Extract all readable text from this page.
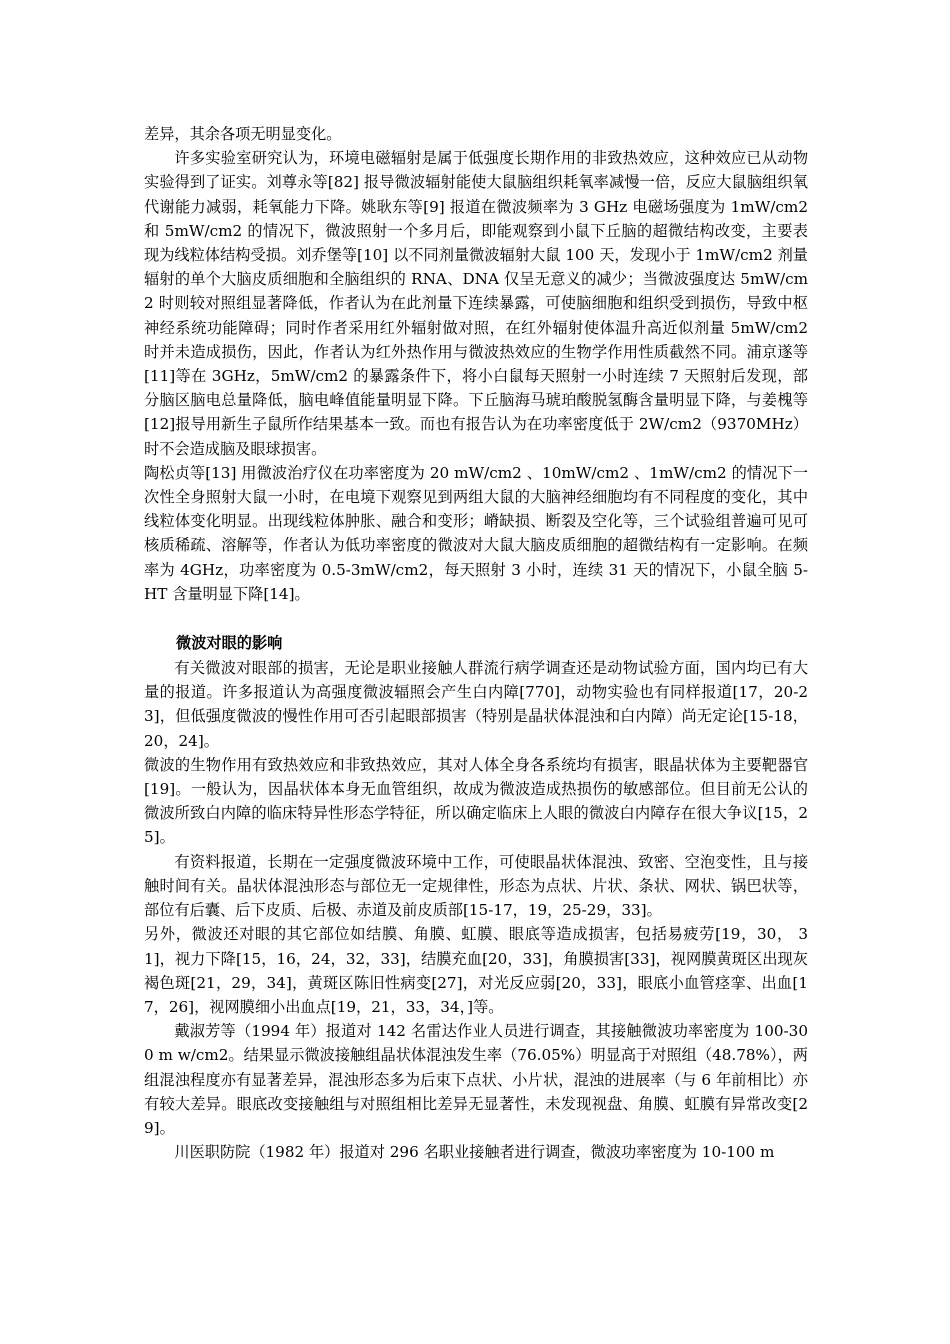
差异，其余各项无明显变化。

许多实验室研究认为，环境电磁辐射是属于低强度长期作用的非致热效应，这种效应已从动物实验得到了证实。刘尊永等[82] 报导微波辐射能使大鼠脑组织耗氧率减慢一倍，反应大鼠脑组织氧代谢能力减弱，耗氧能力下降。姚耿东等[9] 报道在微波频率为 3 GHz 电磁场强度为 1mW/cm2 和 5mW/cm2 的情况下，微波照射一个多月后，即能观察到小鼠下丘脑的超微结构改变，主要表现为线粒体结构受损。刘乔堡等[10] 以不同剂量微波辐射大鼠 100 天，发现小于 1mW/cm2 剂量辐射的单个大脑皮质细胞和全脑组织的 RNA、DNA 仅呈无意义的减少；当微波强度达 5mW/cm2 时则较对照组显著降低，作者认为在此剂量下连续暴露，可使脑细胞和组织受到损伤，导致中枢神经系统功能障碍；同时作者采用红外辐射做对照，在红外辐射使体温升高近似剂量 5mW/cm2 时并未造成损伤，因此，作者认为红外热作用与微波热效应的生物学作用性质截然不同。浦京遂等[11]等在 3GHz，5mW/cm2 的暴露条件下，将小白鼠每天照射一小时连续 7 天照射后发现，部分脑区脑电总量降低，脑电峰值能量明显下降。下丘脑海马琥珀酸脱氢酶含量明显下降，与姜槐等[12]报导用新生子鼠所作结果基本一致。而也有报告认为在功率密度低于 2W/cm2（9370MHz）时不会造成脑及眼球损害。

陶松贞等[13] 用微波治疗仪在功率密度为 20 mW/cm2 、10mW/cm2 、1mW/cm2 的情况下一次性全身照射大鼠一小时，在电境下观察见到两组大鼠的大脑神经细胞均有不同程度的变化，其中线粒体变化明显。出现线粒体肿胀、融合和变形；嵴缺损、断裂及空化等，三个试验组普遍可见可核质稀疏、溶解等，作者认为低功率密度的微波对大鼠大脑皮质细胞的超微结构有一定影响。在频率为 4GHz，功率密度为 0.5-3mW/cm2，每天照射 3 小时，连续 31 天的情况下，小鼠全脑 5-HT 含量明显下降[14]。

微波对眼的影响

有关微波对眼部的损害，无论是职业接触人群流行病学调查还是动物试验方面，国内均已有大量的报道。许多报道认为高强度微波辐照会产生白内障[770]，动物实验也有同样报道[17，20-23]，但低强度微波的慢性作用可否引起眼部损害（特别是晶状体混浊和白内障）尚无定论[15-18，20，24]。

微波的生物作用有致热效应和非致热效应，其对人体全身各系统均有损害，眼晶状体为主要靶器官[19]。一般认为，因晶状体本身无血管组织，故成为微波造成热损伤的敏感部位。但目前无公认的微波所致白内障的临床特异性形态学特征，所以确定临床上人眼的微波白内障存在很大争议[15，25]。

有资料报道，长期在一定强度微波环境中工作，可使眼晶状体混浊、致密、空泡变性，且与接触时间有关。晶状体混浊形态与部位无一定规律性，形态为点状、片状、条状、网状、锅巴状等，部位有后囊、后下皮质、后极、赤道及前皮质部[15-17，19，25-29，33]。

另外，微波还对眼的其它部位如结膜、角膜、虹膜、眼底等造成损害，包括易疲劳[19，30， 31]，视力下降[15，16，24，32，33]，结膜充血[20，33]，角膜损害[33]，视网膜黄斑区出现灰褐色斑[21，29，34]，黄斑区陈旧性病变[27]，对光反应弱[20，33]，眼底小血管痉挛、出血[17，26]，视网膜细小出血点[19，21，33，34，]等。

戴淑芳等（1994 年）报道对 142 名雷达作业人员进行调查，其接触微波功率密度为 100-300 m w/cm2。结果显示微波接触组晶状体混浊发生率（76.05%）明显高于对照组（48.78%），两组混浊程度亦有显著差异，混浊形态多为后束下点状、小片状，混浊的进展率（与 6 年前相比）亦有较大差异。眼底改变接触组与对照组相比差异无显著性，未发现视盘、角膜、虹膜有异常改变[29]。

川医职防院（1982 年）报道对 296 名职业接触者进行调查，微波功率密度为 10-100 m
